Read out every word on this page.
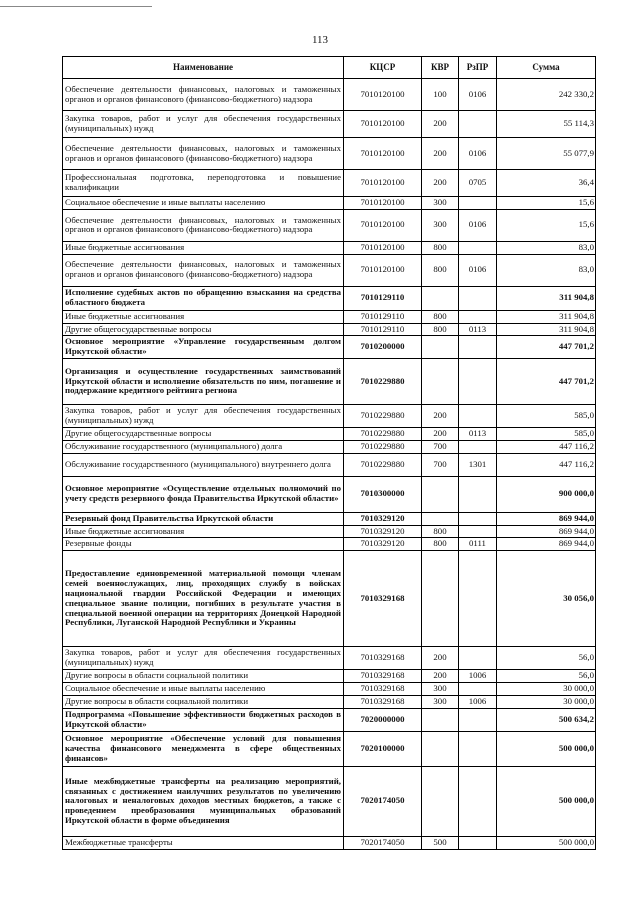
113
Наименование	КЦСР	КВР	РзПР	Сумма
Обеспечение деятельности финансовых, налоговых и таможенных органов и органов финансового (финансово-бюджетного) надзора	7010120100	100	0106	242 330,2
Закупка товаров, работ и услуг для обеспечения государственных (муниципальных) нужд	7010120100	200		55 114,3
Обеспечение деятельности финансовых, налоговых и таможенных органов и органов финансового (финансово-бюджетного) надзора	7010120100	200	0106	55 077,9
Профессиональная подготовка, переподготовка и повышение квалификации	7010120100	200	0705	36,4
Социальное обеспечение и иные выплаты населению	7010120100	300		15,6
Обеспечение деятельности финансовых, налоговых и таможенных органов и органов финансового (финансово-бюджетного) надзора	7010120100	300	0106	15,6
Иные бюджетные ассигнования	7010120100	800		83,0
Обеспечение деятельности финансовых, налоговых и таможенных органов и органов финансового (финансово-бюджетного) надзора	7010120100	800	0106	83,0
Исполнение судебных актов по обращению взыскания на средства областного бюджета	7010129110			311 904,8
Иные бюджетные ассигнования	7010129110	800		311 904,8
Другие общегосударственные вопросы	7010129110	800	0113	311 904,8
Основное мероприятие «Управление государственным долгом Иркутской области»	7010200000			447 701,2
Организация и осуществление государственных заимствований Иркутской области и исполнение обязательств по ним, погашение и поддержание кредитного рейтинга региона	7010229880			447 701,2
Закупка товаров, работ и услуг для обеспечения государственных (муниципальных) нужд	7010229880	200		585,0
Другие общегосударственные вопросы	7010229880	200	0113	585,0
Обслуживание государственного (муниципального) долга	7010229880	700		447 116,2
Обслуживание государственного (муниципального) внутреннего долга	7010229880	700	1301	447 116,2
Основное мероприятие «Осуществление отдельных полномочий по учету средств резервного фонда Правительства Иркутской области»	7010300000			900 000,0
Резервный фонд Правительства Иркутской области	7010329120			869 944,0
Иные бюджетные ассигнования	7010329120	800		869 944,0
Резервные фонды	7010329120	800	0111	869 944,0
Предоставление единовременной материальной помощи членам семей военнослужащих, лиц, проходящих службу в войсках национальной гвардии Российской Федерации и имеющих специальное звание полиции, погибших в результате участия в специальной военной операции на территориях Донецкой Народной Республики, Луганской Народной Республики и Украины	7010329168			30 056,0
Закупка товаров, работ и услуг для обеспечения государственных (муниципальных) нужд	7010329168	200		56,0
Другие вопросы в области социальной политики	7010329168	200	1006	56,0
Социальное обеспечение и иные выплаты населению	7010329168	300		30 000,0
Другие вопросы в области социальной политики	7010329168	300	1006	30 000,0
Подпрограмма «Повышение эффективности бюджетных расходов в Иркутской области»	7020000000			500 634,2
Основное мероприятие «Обеспечение условий для повышения качества финансового менеджмента в сфере общественных финансов»	7020100000			500 000,0
Иные межбюджетные трансферты на реализацию мероприятий, связанных с достижением наилучших результатов по увеличению налоговых и неналоговых доходов местных бюджетов, а также с проведением преобразования муниципальных образований Иркутской области в форме объединения	7020174050			500 000,0
Межбюджетные трансферты	7020174050	500		500 000,0
